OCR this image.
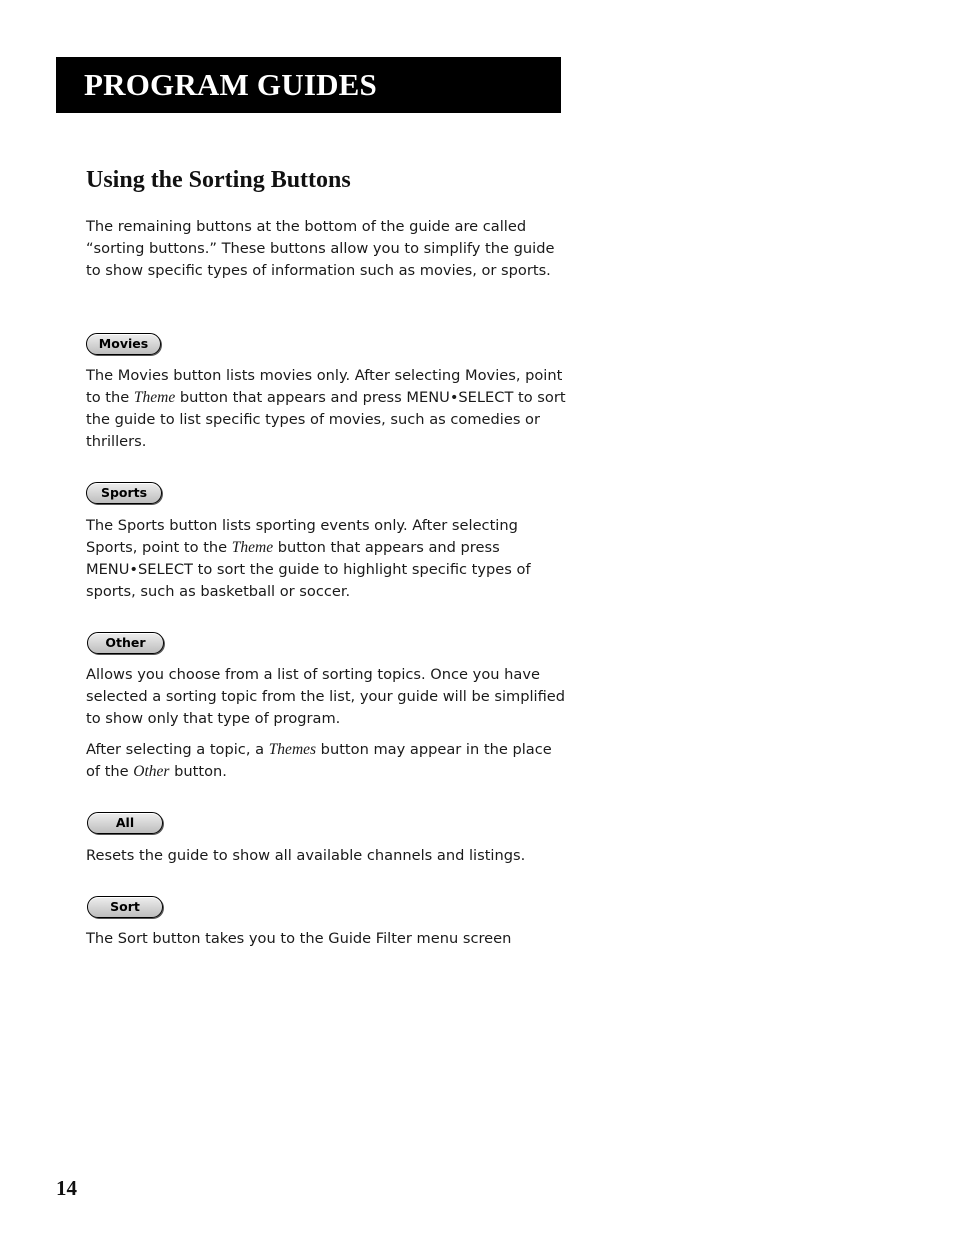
PROGRAM GUIDES
Using the Sorting Buttons

The remaining buttons at the bottom of the guide are called “sorting buttons.” These buttons allow you to simplify the guide to show specific types of information such as movies, or sports.

Movies

The Movies button lists movies only. After selecting Movies, point to the Theme button that appears and press MENU•SELECT to sort the guide to list specific types of movies, such as comedies or thrillers.

Sports

The Sports button lists sporting events only. After selecting Sports, point to the Theme button that appears and press MENU•SELECT to sort the guide to highlight specific types of sports, such as basketball or soccer.

Other

Allows you choose from a list of sorting topics. Once you have selected a sorting topic from the list, your guide will be simplified to show only that type of program.

After selecting a topic, a Themes button may appear in the place of the Other button.

All

Resets the guide to show all available channels and listings.

Sort

The Sort button takes you to the Guide Filter menu screen

14
